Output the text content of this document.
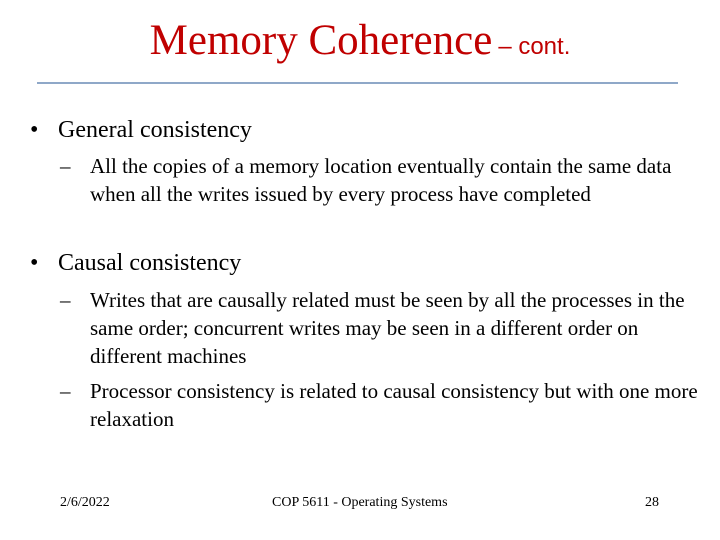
Memory Coherence – cont.
• General consistency
– All the copies of a memory location eventually contain the same data when all the writes issued by every process have completed
• Causal consistency
– Writes that are causally related must be seen by all the processes in the same order; concurrent writes may be seen in a different order on different machines
– Processor consistency is related to causal consistency but with one more relaxation
2/6/2022	COP 5611 - Operating Systems	28
